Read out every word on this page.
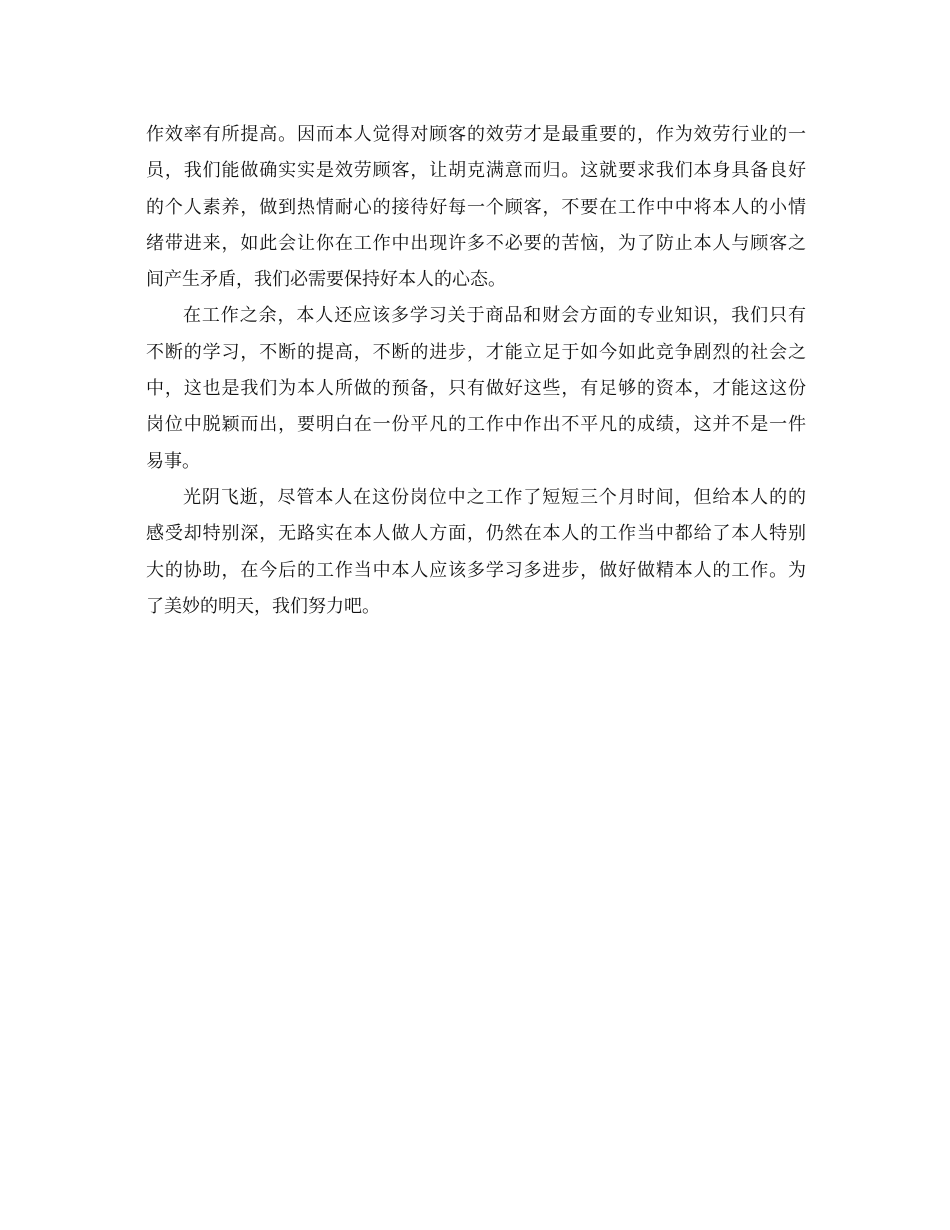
作效率有所提高。因而本人觉得对顾客的效劳才是最重要的，作为效劳行业的一
员，我们能做确实实是效劳顾客，让胡克满意而归。这就要求我们本身具备良好
的个人素养，做到热情耐心的接待好每一个顾客，不要在工作中中将本人的小情
绪带进来，如此会让你在工作中出现许多不必要的苦恼，为了防止本人与顾客之
间产生矛盾，我们必需要保持好本人的心态。
在工作之余，本人还应该多学习关于商品和财会方面的专业知识，我们只有
不断的学习，不断的提高，不断的进步，才能立足于如今如此竞争剧烈的社会之
中，这也是我们为本人所做的预备，只有做好这些，有足够的资本，才能这这份
岗位中脱颖而出，要明白在一份平凡的工作中作出不平凡的成绩，这并不是一件
易事。
光阴飞逝，尽管本人在这份岗位中之工作了短短三个月时间，但给本人的的
感受却特别深，无路实在本人做人方面，仍然在本人的工作当中都给了本人特别
大的协助，在今后的工作当中本人应该多学习多进步，做好做精本人的工作。为
了美妙的明天，我们努力吧。
